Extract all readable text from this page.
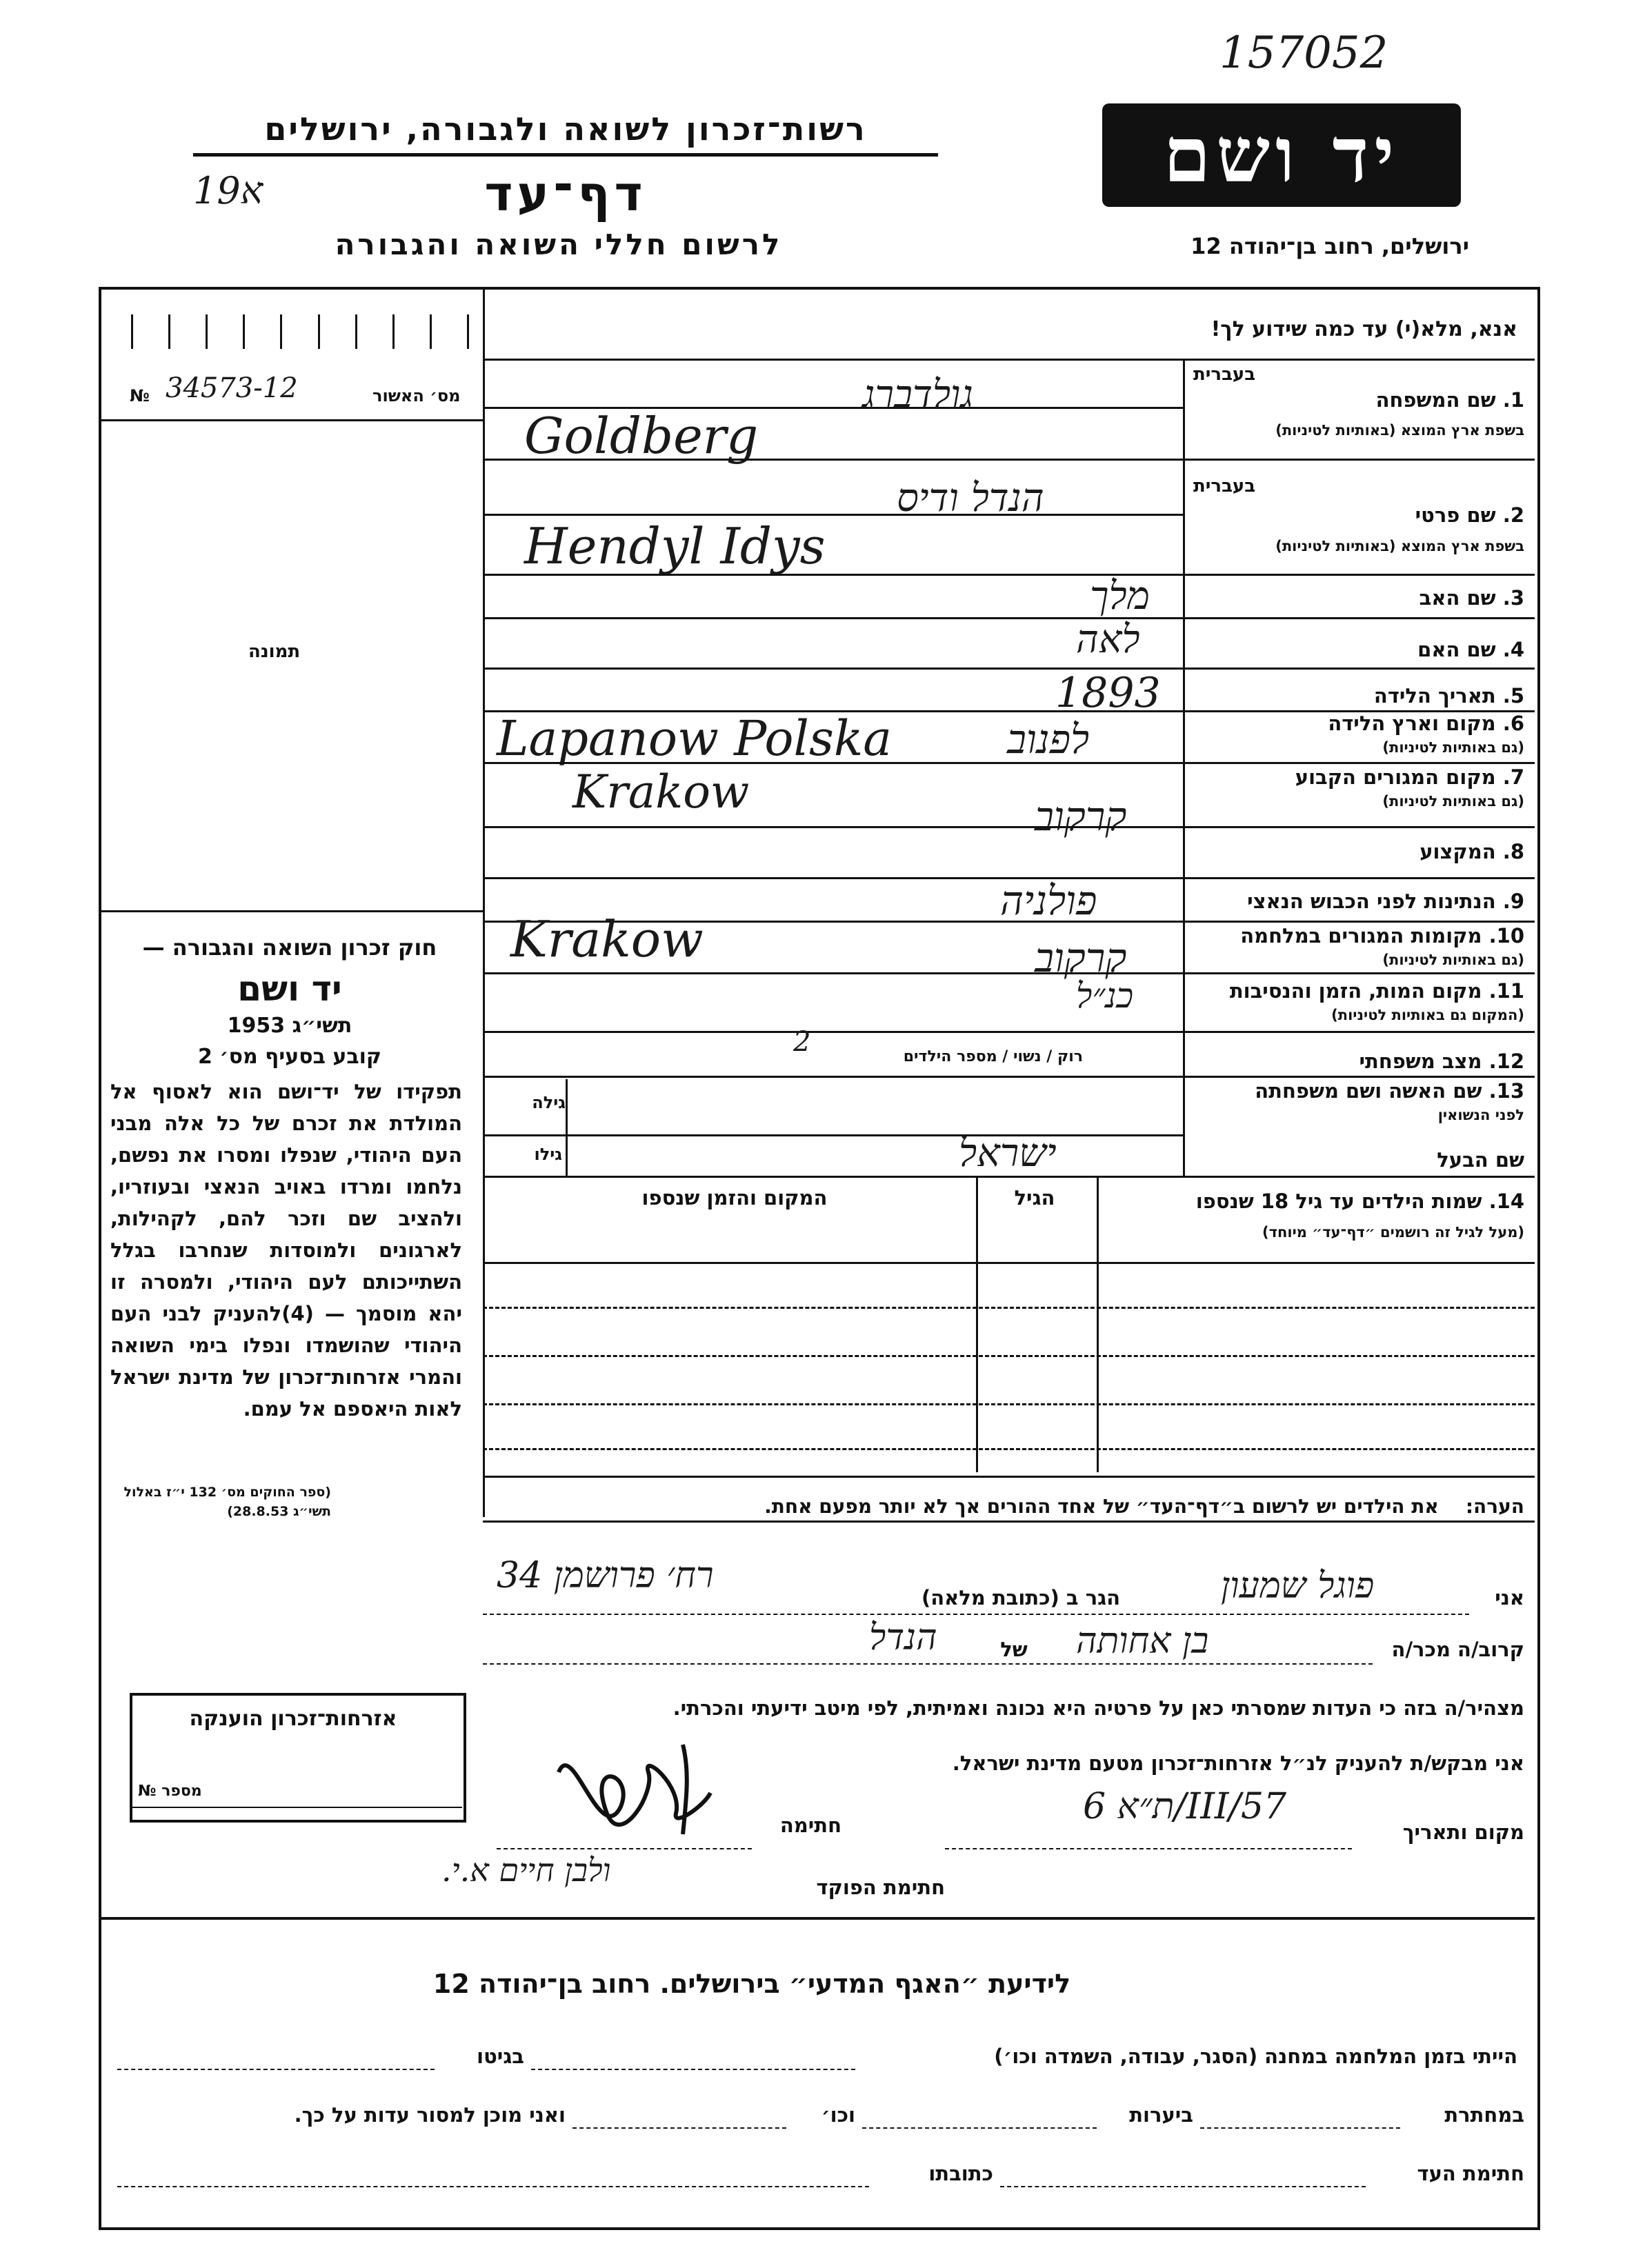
157052
רשות־זכרון לשואה ולגבורה, ירושלים
1א9	דף־עד
לרשום חללי השואה והגבורה
יד ושם
ירושלים, רחוב בן־יהודה 12
№ 34573-12	מס׳ האשור
תמונה
חוק זכרון השואה והגבורה —
יד ושם
תשי״ג 1953
קובע בסעיף מס׳ 2
תפקידו של יד־ושם הוא לאסוף אל המולדת את זכרם של כל אלה מבני העם היהודי, שנפלו ומסרו את נפשם, נלחמו ומרדו באויב הנאצי ובעוזריו, ולהציב שם וזכר להם, לקהילות, לארגונים ולמוסדות שנחרבו בגלל השתייכותם לעם היהודי, ולמסרה זו יהא מוסמך — (4)להעניק לבני העם היהודי שהושמדו ונפלו בימי השואה והמרי אזרחות־זכרון של מדינת ישראל לאות היאספם אל עמם.
(ספר החוקים מס׳ 132 י״ז באלול תשי״ג 28.8.53)
אזרחות־זכרון הוענקה
מספר №
אנא, מלא(י) עד כמה שידוע לך!
1. שם המשפחה
בשפת ארץ המוצא (באותיות לטיניות)
בעברית
גולדברג
Goldberg
2. שם פרטי
בשפת ארץ המוצא (באותיות לטיניות)
בעברית
הנדל ודיס
Hendyl Idys
3. שם האב
מלך
4. שם האם
לאה
5. תאריך הלידה
1893
6. מקום וארץ הלידה
(גם באותיות לטיניות)
Lapanow Polska	לפנוב
7. מקום המגורים הקבוע
(גם באותיות לטיניות)
Krakow	קרקוב
8. המקצוע
9. הנתינות לפני הכבוש הנאצי
פולניה
10. מקומות המגורים במלחמה
(גם באותיות לטיניות)
Krakow	קרקוב
11. מקום המות, הזמן והנסיבות
(המקום גם באותיות לטיניות)
כנ״ל
12. מצב משפחתי
רוק / נשוי / מספר הילדים
2
13. שם האשה ושם משפחתה
לפני הנשואין
גילה
גילו	ישראל	שם הבעל
14. שמות הילדים עד גיל 18 שנספו
(מעל לגיל זה רושמים ״דף־עד״ מיוחד)
הגיל
המקום והזמן שנספו
הערה:    את הילדים יש לרשום ב״דף־העד״ של אחד ההורים אך לא יותר מפעם אחת.
אני
פוגל שמעון
הגר ב (כתובת מלאה)
רח׳ פרושמן 34
קרוב/ה מכר/ה
בן אחותה
של
הנדל
מצהיר/ה בזה כי העדות שמסרתי כאן על פרטיה היא נכונה ואמיתית, לפי מיטב ידיעתי והכרתי.
אני מבקש/ת להעניק לנ״ל אזרחות־זכרון מטעם מדינת ישראל.
מקום ותאריך
ת״א 6/III/57
חתימה
חתימת הפוקד
ולבן חיים א.י.
לידיעת ״האגף המדעי״ בירושלים. רחוב בן־יהודה 12
הייתי בזמן המלחמה במחנה (הסגר, עבודה, השמדה וכו׳)
בגיטו
במחתרת
ביערות
וכו׳
ואני מוכן למסור עדות על כך.
חתימת העד
כתובתו
